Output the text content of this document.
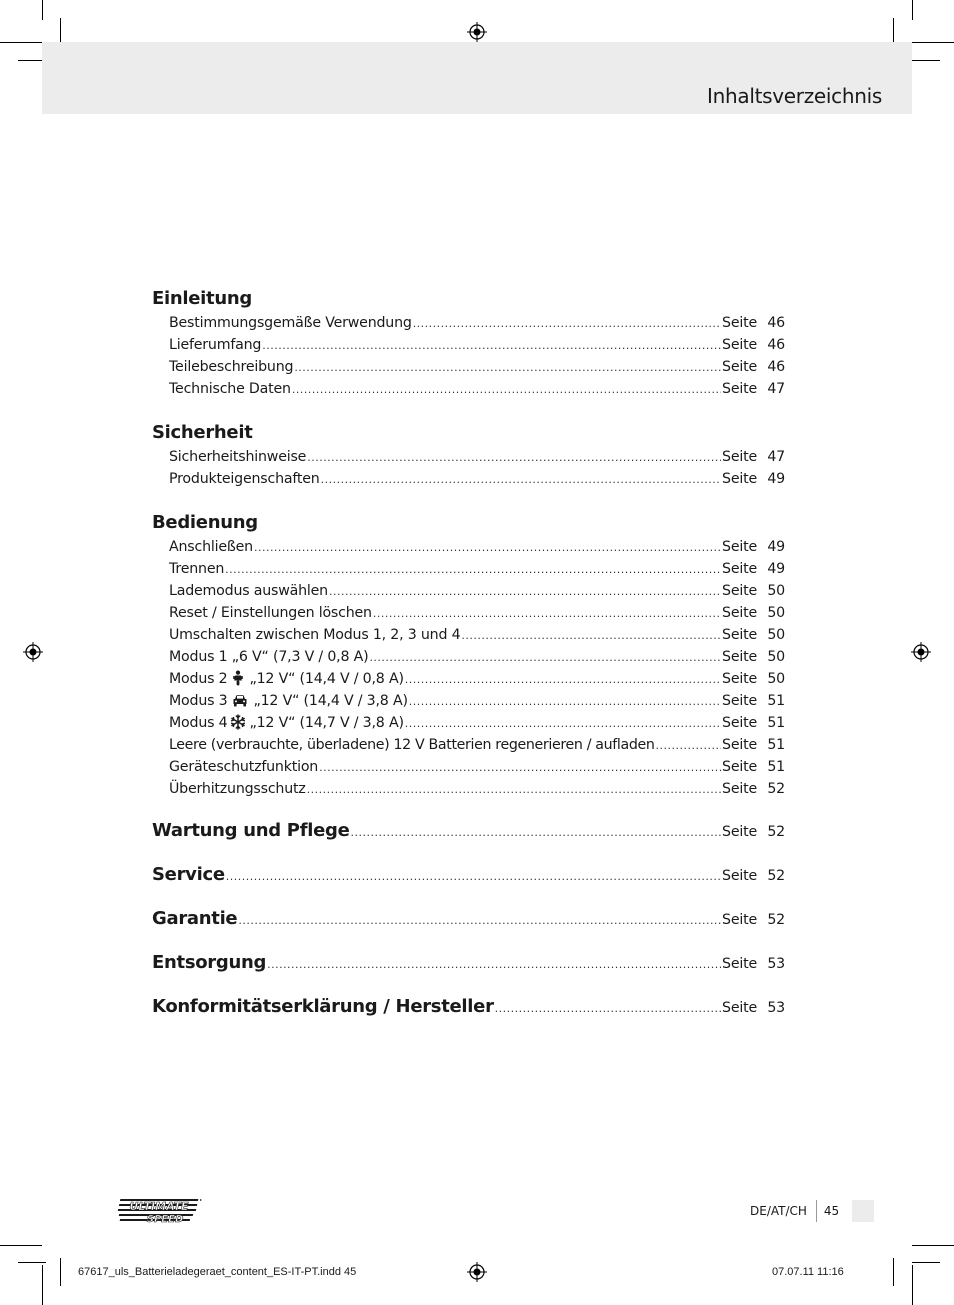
Inhaltsverzeichnis
Einleitung
Bestimmungsgemäße Verwendung .....	Seite 46
Lieferumfang .....	Seite 46
Teilebeschreibung .....	Seite 46
Technische Daten .....	Seite 47
Sicherheit
Sicherheitshinweise .....	Seite 47
Produkteigenschaften .....	Seite 49
Bedienung
Anschließen .....	Seite 49
Trennen .....	Seite 49
Lademodus auswählen .....	Seite 50
Reset / Einstellungen löschen .....	Seite 50
Umschalten zwischen Modus 1, 2, 3 und 4 .....	Seite 50
Modus 1 „6 V“ (7,3 V / 0,8 A) .....	Seite 50
Modus 2 „12 V“ (14,4 V / 0,8 A) .....	Seite 50
Modus 3 „12 V“ (14,4 V / 3,8 A) .....	Seite 51
Modus 4 „12 V“ (14,7 V / 3,8 A) .....	Seite 51
Leere (verbrauchte, überladene) 12 V Batterien regenerieren / aufladen .....	Seite 51
Geräteschutzfunktion .....	Seite 51
Überhitzungsschutz .....	Seite 52
Wartung und Pflege .....	Seite 52
Service .....	Seite 52
Garantie .....	Seite 52
Entsorgung .....	Seite 53
Konformitätserklärung / Hersteller .....	Seite 53
ULTIMATE
SPEED
DE/AT/CH	45
67617_uls_Batterieladegeraet_content_ES-IT-PT.indd 45	07.07.11 11:16
